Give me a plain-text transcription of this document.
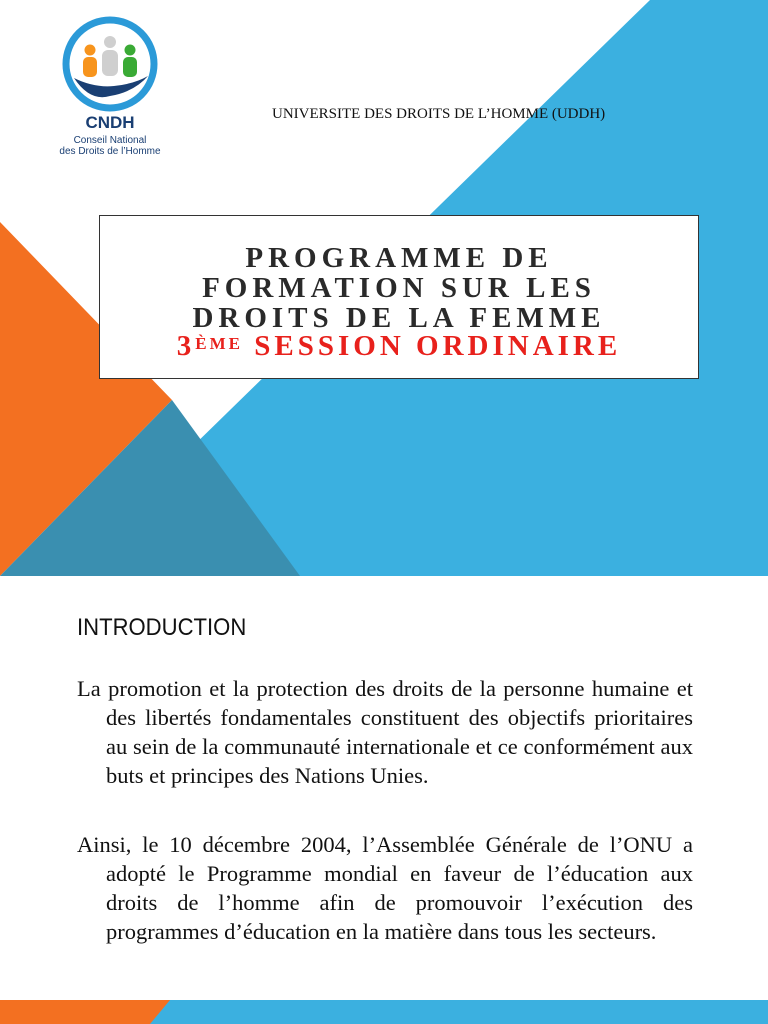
CNDH
Conseil National
des Droits de l’Homme
UNIVERSITE DES DROITS DE L’HOMME (UDDH)
PROGRAMME DE
FORMATION SUR LES
DROITS DE LA FEMME
3ÈME SESSION ORDINAIRE
INTRODUCTION
La promotion et la protection des droits de la personne humaine et des libertés fondamentales constituent des objectifs prioritaires au sein de la communauté internationale et ce conformément aux buts et principes des Nations Unies.
Ainsi, le 10 décembre 2004, l’Assemblée Générale de l’ONU a adopté le Programme mondial en faveur de l’éducation aux droits de l’homme afin de promouvoir l’exécution des programmes d’éducation en la matière dans tous les secteurs.
